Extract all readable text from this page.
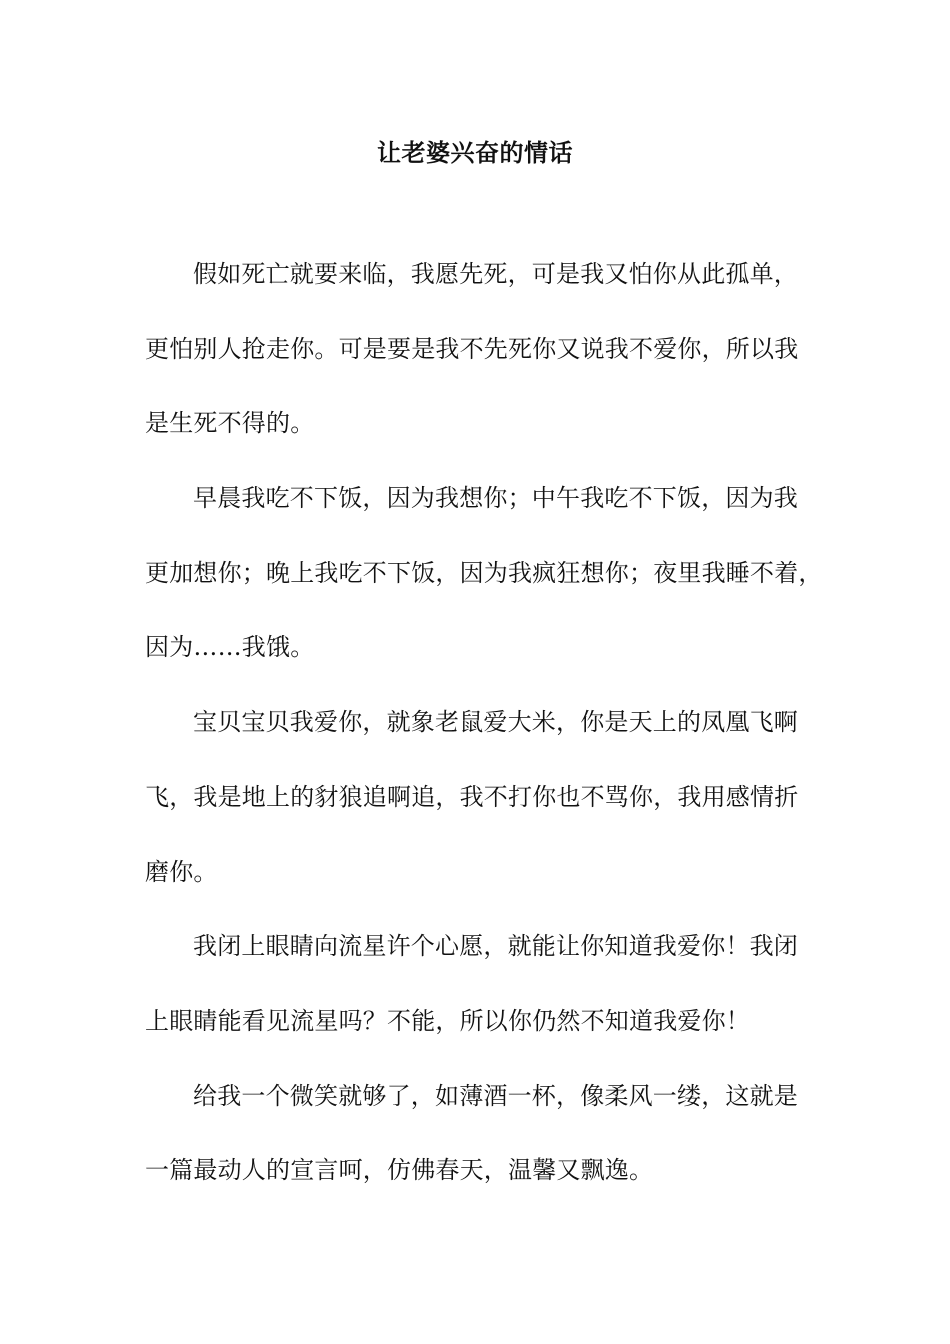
让老婆兴奋的情话
假如死亡就要来临，我愿先死，可是我又怕你从此孤单，
更怕别人抢走你。可是要是我不先死你又说我不爱你，所以我
是生死不得的。
早晨我吃不下饭，因为我想你；中午我吃不下饭，因为我
更加想你；晚上我吃不下饭，因为我疯狂想你；夜里我睡不着，
因为……我饿。
宝贝宝贝我爱你，就象老鼠爱大米，你是天上的凤凰飞啊
飞，我是地上的豺狼追啊追，我不打你也不骂你，我用感情折
磨你。
我闭上眼睛向流星许个心愿，就能让你知道我爱你！我闭
上眼睛能看见流星吗？不能，所以你仍然不知道我爱你！
给我一个微笑就够了，如薄酒一杯，像柔风一缕，这就是
一篇最动人的宣言呵，仿佛春天，温馨又飘逸。
